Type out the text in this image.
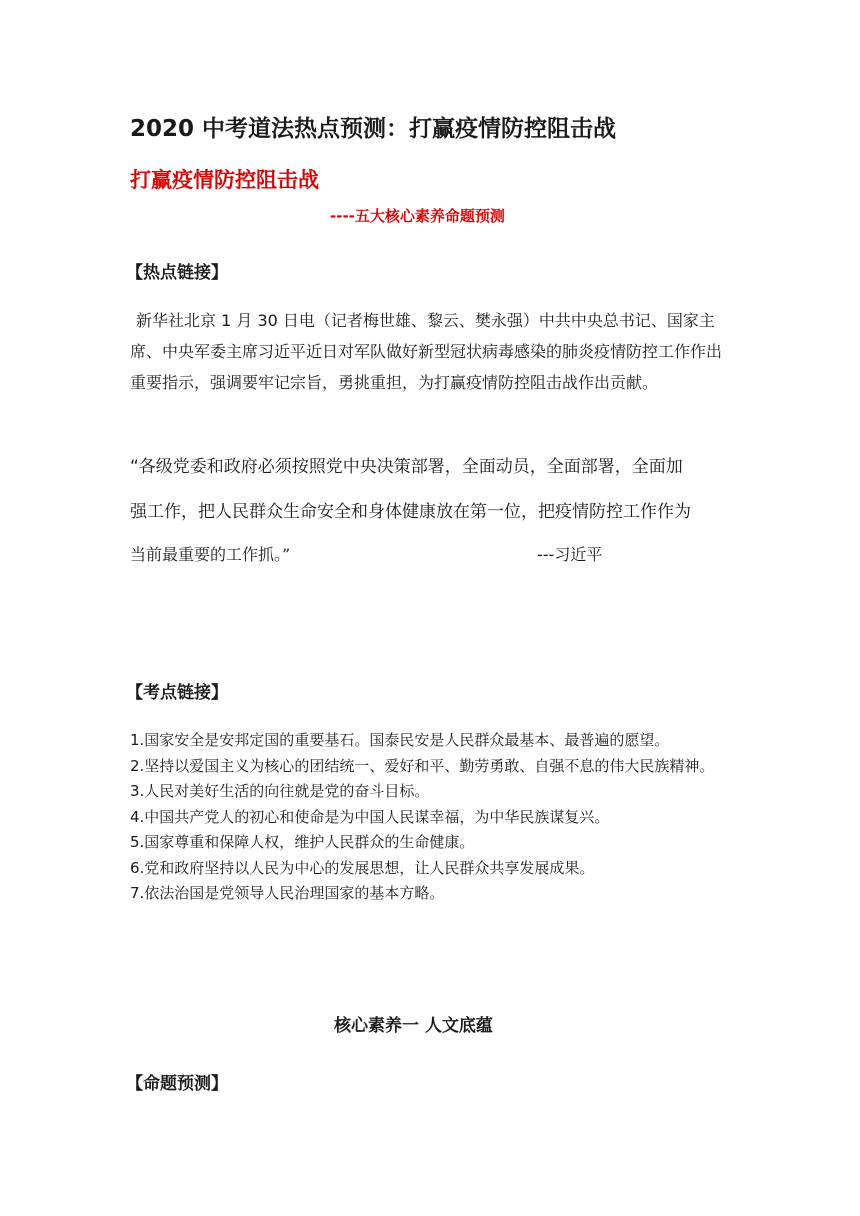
2020 中考道法热点预测：打赢疫情防控阻击战
打赢疫情防控阻击战
----五大核心素养命题预测
【热点链接】

新华社北京 1 月 30 日电（记者梅世雄、黎云、樊永强）中共中央总书记、国家主席、中央军委主席习近平近日对军队做好新型冠状病毒感染的肺炎疫情防控工作作出重要指示，强调要牢记宗旨，勇挑重担，为打赢疫情防控阻击战作出贡献。

“各级党委和政府必须按照党中央决策部署，全面动员，全面部署，全面加
强工作，把人民群众生命安全和身体健康放在第一位，把疫情防控工作作为
当前最重要的工作抓。”	---习近平
【考点链接】
1.国家安全是安邦定国的重要基石。国泰民安是人民群众最基本、最普遍的愿望。
2.坚持以爱国主义为核心的团结统一、爱好和平、勤劳勇敢、自强不息的伟大民族精神。
3.人民对美好生活的向往就是党的奋斗目标。
4.中国共产党人的初心和使命是为中国人民谋幸福，为中华民族谋复兴。
5.国家尊重和保障人权，维护人民群众的生命健康。
6.党和政府坚持以人民为中心的发展思想，让人民群众共享发展成果。
7.依法治国是党领导人民治理国家的基本方略。
核心素养一 人文底蕴
【命题预测】
